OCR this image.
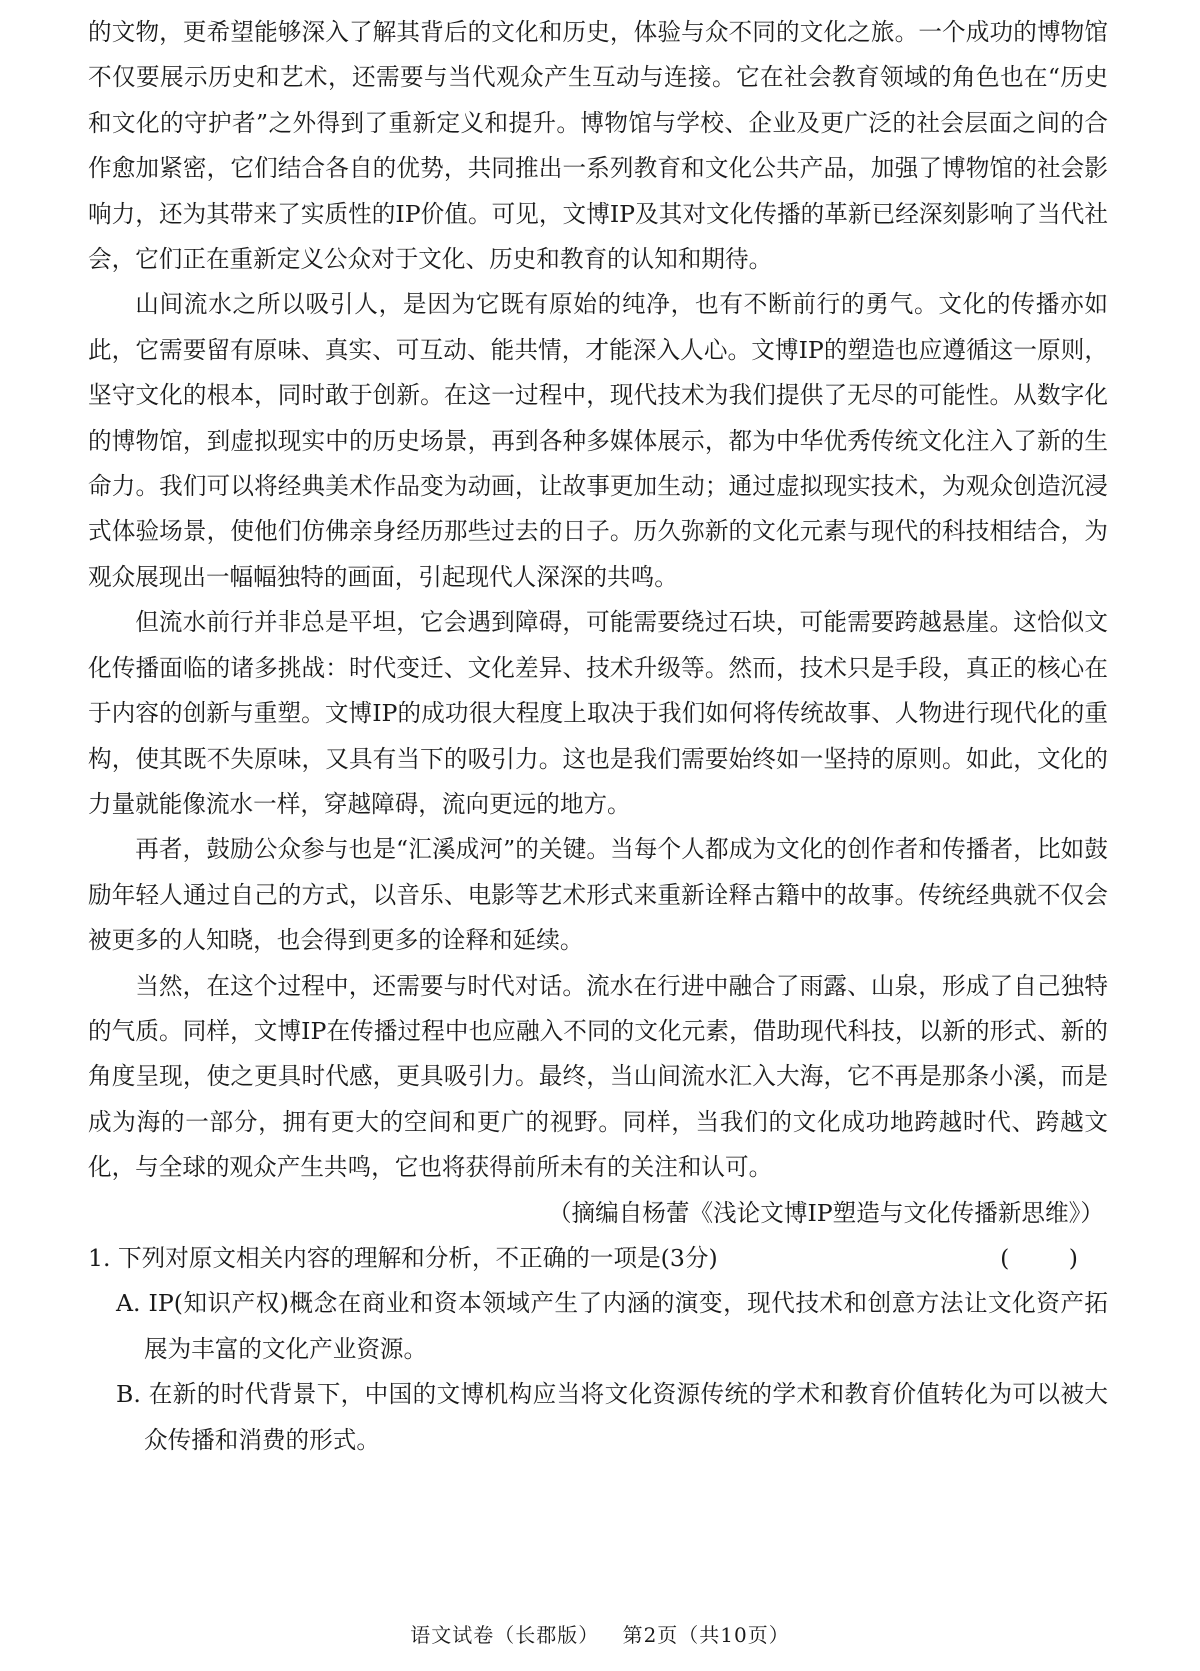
的文物，更希望能够深入了解其背后的文化和历史，体验与众不同的文化之旅。一个成功的博物馆不仅要展示历史和艺术，还需要与当代观众产生互动与连接。它在社会教育领域的角色也在“历史和文化的守护者”之外得到了重新定义和提升。博物馆与学校、企业及更广泛的社会层面之间的合作愈加紧密，它们结合各自的优势，共同推出一系列教育和文化公共产品，加强了博物馆的社会影响力，还为其带来了实质性的IP价值。可见，文博IP及其对文化传播的革新已经深刻影响了当代社会，它们正在重新定义公众对于文化、历史和教育的认知和期待。

山间流水之所以吸引人，是因为它既有原始的纯净，也有不断前行的勇气。文化的传播亦如此，它需要留有原味、真实、可互动、能共情，才能深入人心。文博IP的塑造也应遵循这一原则，坚守文化的根本，同时敢于创新。在这一过程中，现代技术为我们提供了无尽的可能性。从数字化的博物馆，到虚拟现实中的历史场景，再到各种多媒体展示，都为中华优秀传统文化注入了新的生命力。我们可以将经典美术作品变为动画，让故事更加生动；通过虚拟现实技术，为观众创造沉浸式体验场景，使他们仿佛亲身经历那些过去的日子。历久弥新的文化元素与现代的科技相结合，为观众展现出一幅幅独特的画面，引起现代人深深的共鸣。

但流水前行并非总是平坦，它会遇到障碍，可能需要绕过石块，可能需要跨越悬崖。这恰似文化传播面临的诸多挑战：时代变迁、文化差异、技术升级等。然而，技术只是手段，真正的核心在于内容的创新与重塑。文博IP的成功很大程度上取决于我们如何将传统故事、人物进行现代化的重构，使其既不失原味，又具有当下的吸引力。这也是我们需要始终如一坚持的原则。如此，文化的力量就能像流水一样，穿越障碍，流向更远的地方。

再者，鼓励公众参与也是“汇溪成河”的关键。当每个人都成为文化的创作者和传播者，比如鼓励年轻人通过自己的方式，以音乐、电影等艺术形式来重新诠释古籍中的故事。传统经典就不仅会被更多的人知晓，也会得到更多的诠释和延续。

当然，在这个过程中，还需要与时代对话。流水在行进中融合了雨露、山泉，形成了自己独特的气质。同样，文博IP在传播过程中也应融入不同的文化元素，借助现代科技，以新的形式、新的角度呈现，使之更具时代感，更具吸引力。最终，当山间流水汇入大海，它不再是那条小溪，而是成为海的一部分，拥有更大的空间和更广的视野。同样，当我们的文化成功地跨越时代、跨越文化，与全球的观众产生共鸣，它也将获得前所未有的关注和认可。

（摘编自杨蕾《浅论文博IP塑造与文化传播新思维》）

1. 下列对原文相关内容的理解和分析，不正确的一项是(3分)	( )

A. IP(知识产权)概念在商业和资本领域产生了内涵的演变，现代技术和创意方法让文化资产拓展为丰富的文化产业资源。

B. 在新的时代背景下，中国的文博机构应当将文化资源传统的学术和教育价值转化为可以被大众传播和消费的形式。

语文试卷（长郡版） 第2页（共10页）
